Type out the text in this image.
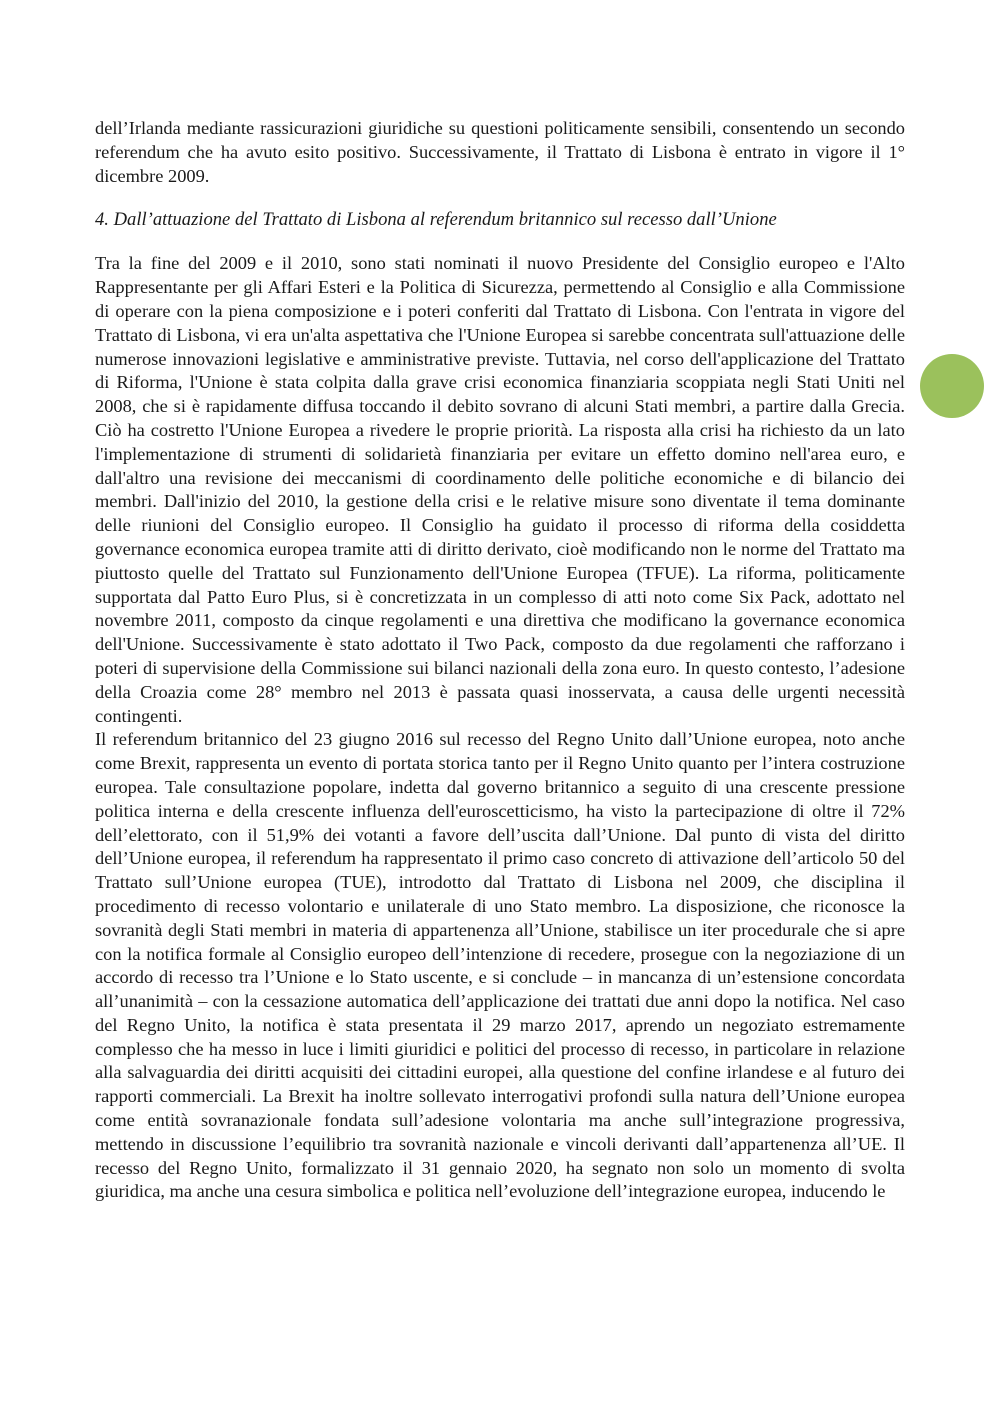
dell’Irlanda mediante rassicurazioni giuridiche su questioni politicamente sensibili, consentendo un secondo referendum che ha avuto esito positivo. Successivamente, il Trattato di Lisbona è entrato in vigore il 1° dicembre 2009.

4. Dall’attuazione del Trattato di Lisbona al referendum britannico sul recesso dall’Unione

Tra la fine del 2009 e il 2010, sono stati nominati il nuovo Presidente del Consiglio europeo e l'Alto Rappresentante per gli Affari Esteri e la Politica di Sicurezza, permettendo al Consiglio e alla Commissione di operare con la piena composizione e i poteri conferiti dal Trattato di Lisbona. Con l'entrata in vigore del Trattato di Lisbona, vi era un'alta aspettativa che l'Unione Europea si sarebbe concentrata sull'attuazione delle numerose innovazioni legislative e amministrative previste. Tuttavia, nel corso dell'applicazione del Trattato di Riforma, l'Unione è stata colpita dalla grave crisi economica finanziaria scoppiata negli Stati Uniti nel 2008, che si è rapidamente diffusa toccando il debito sovrano di alcuni Stati membri, a partire dalla Grecia. Ciò ha costretto l'Unione Europea a rivedere le proprie priorità. La risposta alla crisi ha richiesto da un lato l'implementazione di strumenti di solidarietà finanziaria per evitare un effetto domino nell'area euro, e dall'altro una revisione dei meccanismi di coordinamento delle politiche economiche e di bilancio dei membri. Dall'inizio del 2010, la gestione della crisi e le relative misure sono diventate il tema dominante delle riunioni del Consiglio europeo. Il Consiglio ha guidato il processo di riforma della cosiddetta governance economica europea tramite atti di diritto derivato, cioè modificando non le norme del Trattato ma piuttosto quelle del Trattato sul Funzionamento dell'Unione Europea (TFUE). La riforma, politicamente supportata dal Patto Euro Plus, si è concretizzata in un complesso di atti noto come Six Pack, adottato nel novembre 2011, composto da cinque regolamenti e una direttiva che modificano la governance economica dell'Unione. Successivamente è stato adottato il Two Pack, composto da due regolamenti che rafforzano i poteri di supervisione della Commissione sui bilanci nazionali della zona euro. In questo contesto, l’adesione della Croazia come 28° membro nel 2013 è passata quasi inosservata, a causa delle urgenti necessità contingenti.

Il referendum britannico del 23 giugno 2016 sul recesso del Regno Unito dall’Unione europea, noto anche come Brexit, rappresenta un evento di portata storica tanto per il Regno Unito quanto per l’intera costruzione europea. Tale consultazione popolare, indetta dal governo britannico a seguito di una crescente pressione politica interna e della crescente influenza dell'euroscetticismo, ha visto la partecipazione di oltre il 72% dell’elettorato, con il 51,9% dei votanti a favore dell’uscita dall’Unione. Dal punto di vista del diritto dell’Unione europea, il referendum ha rappresentato il primo caso concreto di attivazione dell’articolo 50 del Trattato sull’Unione europea (TUE), introdotto dal Trattato di Lisbona nel 2009, che disciplina il procedimento di recesso volontario e unilaterale di uno Stato membro. La disposizione, che riconosce la sovranità degli Stati membri in materia di appartenenza all’Unione, stabilisce un iter procedurale che si apre con la notifica formale al Consiglio europeo dell’intenzione di recedere, prosegue con la negoziazione di un accordo di recesso tra l’Unione e lo Stato uscente, e si conclude – in mancanza di un’estensione concordata all’unanimità – con la cessazione automatica dell’applicazione dei trattati due anni dopo la notifica. Nel caso del Regno Unito, la notifica è stata presentata il 29 marzo 2017, aprendo un negoziato estremamente complesso che ha messo in luce i limiti giuridici e politici del processo di recesso, in particolare in relazione alla salvaguardia dei diritti acquisiti dei cittadini europei, alla questione del confine irlandese e al futuro dei rapporti commerciali. La Brexit ha inoltre sollevato interrogativi profondi sulla natura dell’Unione europea come entità sovranazionale fondata sull’adesione volontaria ma anche sull’integrazione progressiva, mettendo in discussione l’equilibrio tra sovranità nazionale e vincoli derivanti dall’appartenenza all’UE. Il recesso del Regno Unito, formalizzato il 31 gennaio 2020, ha segnato non solo un momento di svolta giuridica, ma anche una cesura simbolica e politica nell’evoluzione dell’integrazione europea, inducendo le
